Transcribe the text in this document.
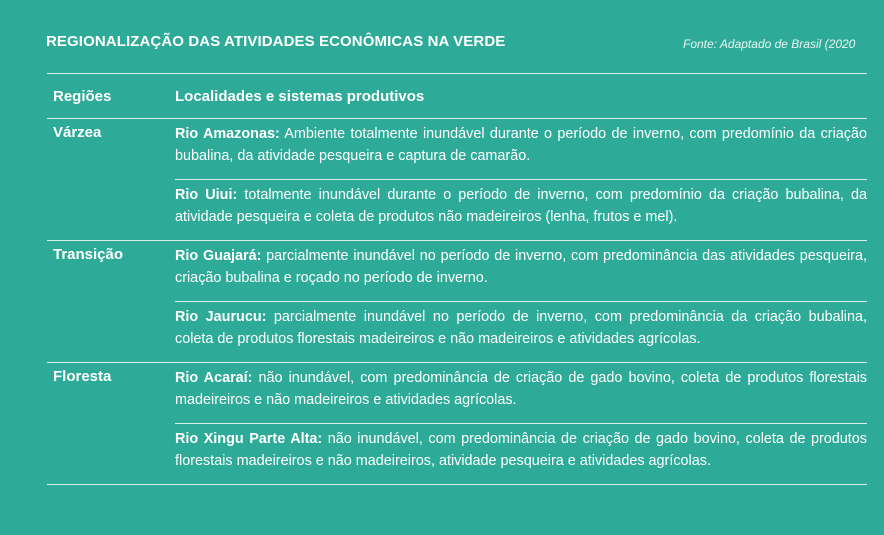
REGIONALIZAÇÃO DAS ATIVIDADES ECONÔMICAS NA VERDE	Fonte: Adaptado de Brasil (2020
Regiões	Localidades e sistemas produtivos
Várzea	Rio Amazonas: Ambiente totalmente inundável durante o período de inverno, com predomínio da criação bubalina, da atividade pesqueira e captura de camarão.
Rio Uiui: totalmente inundável durante o período de inverno, com predomínio da criação bubalina, da atividade pesqueira e coleta de produtos não madeireiros (lenha, frutos e mel).
Transição	Rio Guajará: parcialmente inundável no período de inverno, com predominância das atividades pesqueira, criação bubalina e roçado no período de inverno.
Rio Jaurucu: parcialmente inundável no período de inverno, com predominância da criação bubalina, coleta de produtos florestais madeireiros e não madeireiros e atividades agrícolas.
Floresta	Rio Acaraí: não inundável, com predominância de criação de gado bovino, coleta de produtos florestais madeireiros e não madeireiros e atividades agrícolas.
Rio Xingu Parte Alta: não inundável, com predominância de criação de gado bovino, coleta de produtos florestais madeireiros e não madeireiros, atividade pesqueira e atividades agrícolas.
